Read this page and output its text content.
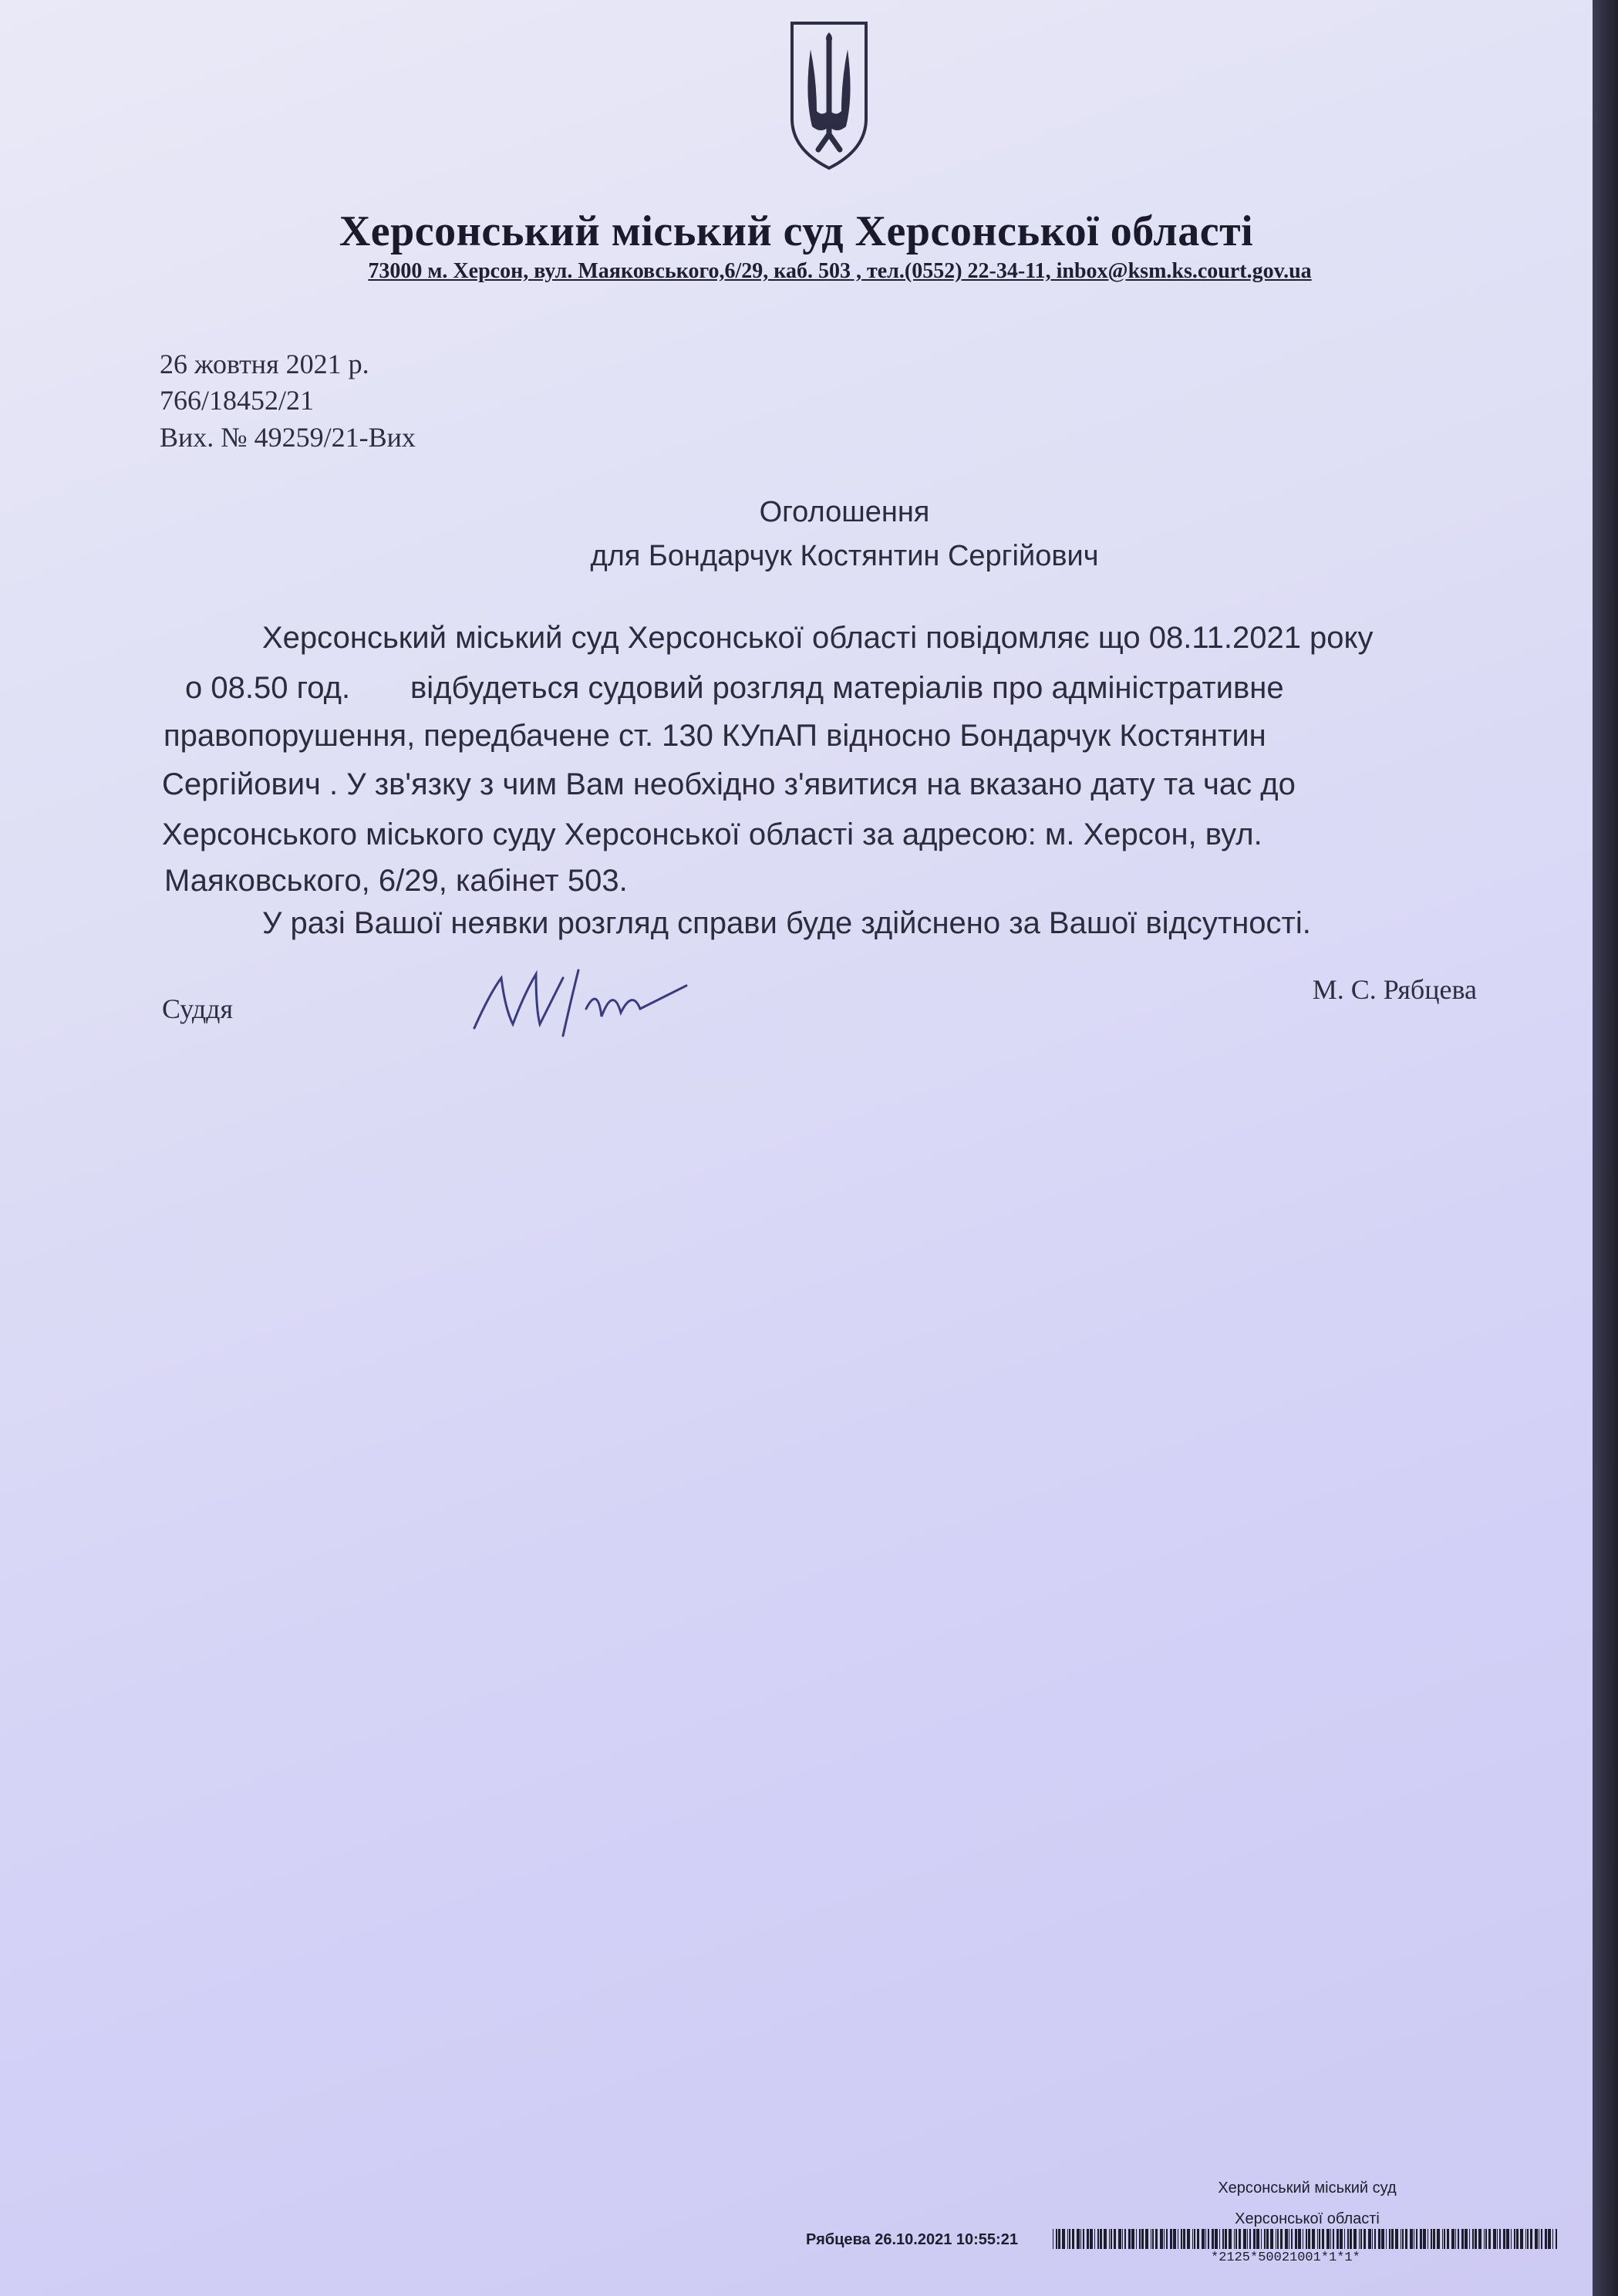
Херсонський міський суд Херсонської області
73000 м. Херсон, вул. Маяковського,6/29, каб. 503 , тел.(0552) 22-34-11, inbox@ksm.ks.court.gov.ua
26 жовтня 2021 р.
766/18452/21
Вих. № 49259/21-Вих
Оголошення
для Бондарчук Костянтин Сергійович
Херсонський міський суд Херсонської області повідомляє що 08.11.2021 року
о 08.50 год. відбудеться судовий розгляд матеріалів про адміністративне
правопорушення, передбачене ст. 130 КУпАП відносно Бондарчук Костянтин
Сергійович . У зв'язку з чим Вам необхідно з'явитися на вказано дату та час до
Херсонського міського суду Херсонської області за адресою: м. Херсон, вул.
Маяковського, 6/29, кабінет 503.
У разі Вашої неявки розгляд справи буде здійснено за Вашої відсутності.
Суддя
М. С. Рябцева
Херсонський міський суд
Херсонської області
Рябцева 26.10.2021 10:55:21
*2125*50021001*1*1*
